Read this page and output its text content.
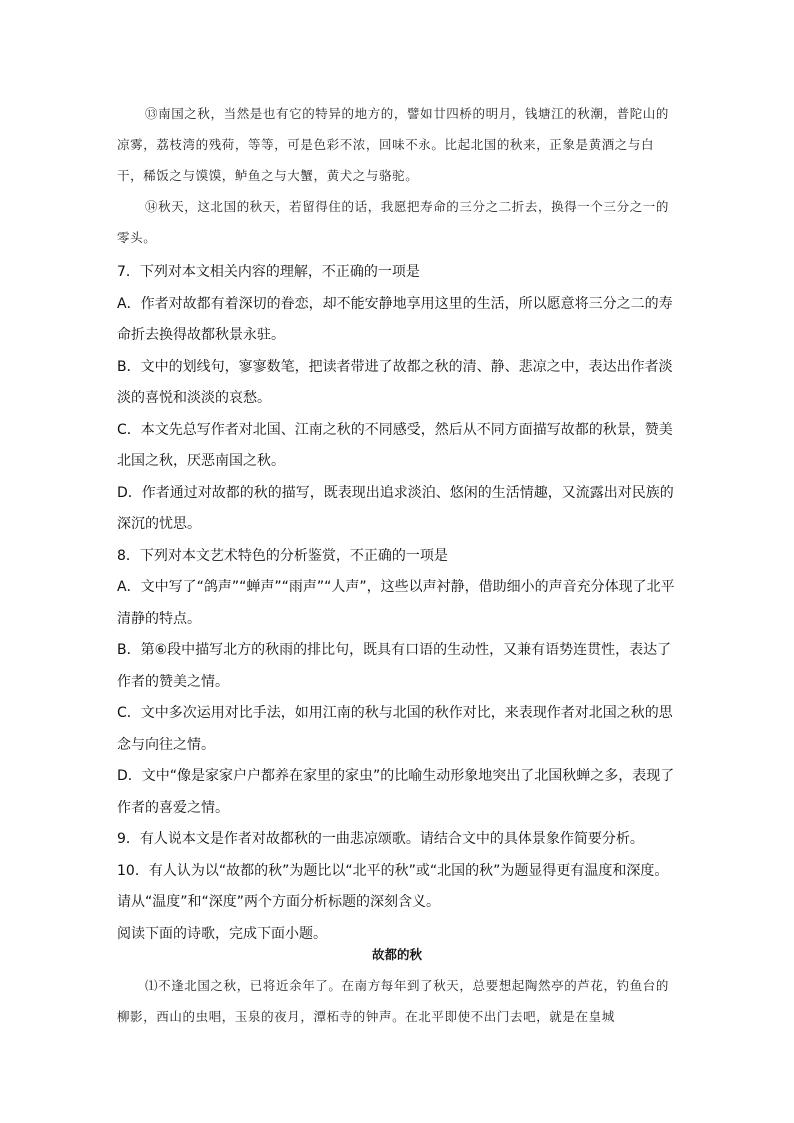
⑬南国之秋，当然是也有它的特异的地方的，譬如廿四桥的明月，钱塘江的秋潮，普陀山的凉雾，荔枝湾的残荷，等等，可是色彩不浓，回味不永。比起北国的秋来，正象是黄酒之与白干，稀饭之与馍馍，鲈鱼之与大蟹，黄犬之与骆驼。

⑭秋天，这北国的秋天，若留得住的话，我愿把寿命的三分之二折去，换得一个三分之一的零头。

7．下列对本文相关内容的理解，不正确的一项是

A．作者对故都有着深切的眷恋，却不能安静地享用这里的生活，所以愿意将三分之二的寿命折去换得故都秋景永驻。

B．文中的划线句，寥寥数笔，把读者带进了故都之秋的清、静、悲凉之中，表达出作者淡淡的喜悦和淡淡的哀愁。

C．本文先总写作者对北国、江南之秋的不同感受，然后从不同方面描写故都的秋景，赞美北国之秋，厌恶南国之秋。

D．作者通过对故都的秋的描写，既表现出追求淡泊、悠闲的生活情趣，又流露出对民族的深沉的忧思。

8．下列对本文艺术特色的分析鉴赏，不正确的一项是

A．文中写了“鸽声”“蝉声”“雨声”“人声”，这些以声衬静，借助细小的声音充分体现了北平清静的特点。

B．第⑥段中描写北方的秋雨的排比句，既具有口语的生动性，又兼有语势连贯性，表达了作者的赞美之情。

C．文中多次运用对比手法，如用江南的秋与北国的秋作对比，来表现作者对北国之秋的思念与向往之情。

D．文中“像是家家户户都养在家里的家虫”的比喻生动形象地突出了北国秋蝉之多，表现了作者的喜爱之情。

9．有人说本文是作者对故都秋的一曲悲凉颂歌。请结合文中的具体景象作简要分析。

10．有人认为以“故都的秋”为题比以“北平的秋”或“北国的秋”为题显得更有温度和深度。请从“温度”和“深度”两个方面分析标题的深刻含义。

阅读下面的诗歌，完成下面小题。

故都的秋

⑴不逢北国之秋，已将近余年了。在南方每年到了秋天，总要想起陶然亭的芦花，钓鱼台的柳影，西山的虫唱，玉泉的夜月，潭柘寺的钟声。在北平即使不出门去吧，就是在皇城
